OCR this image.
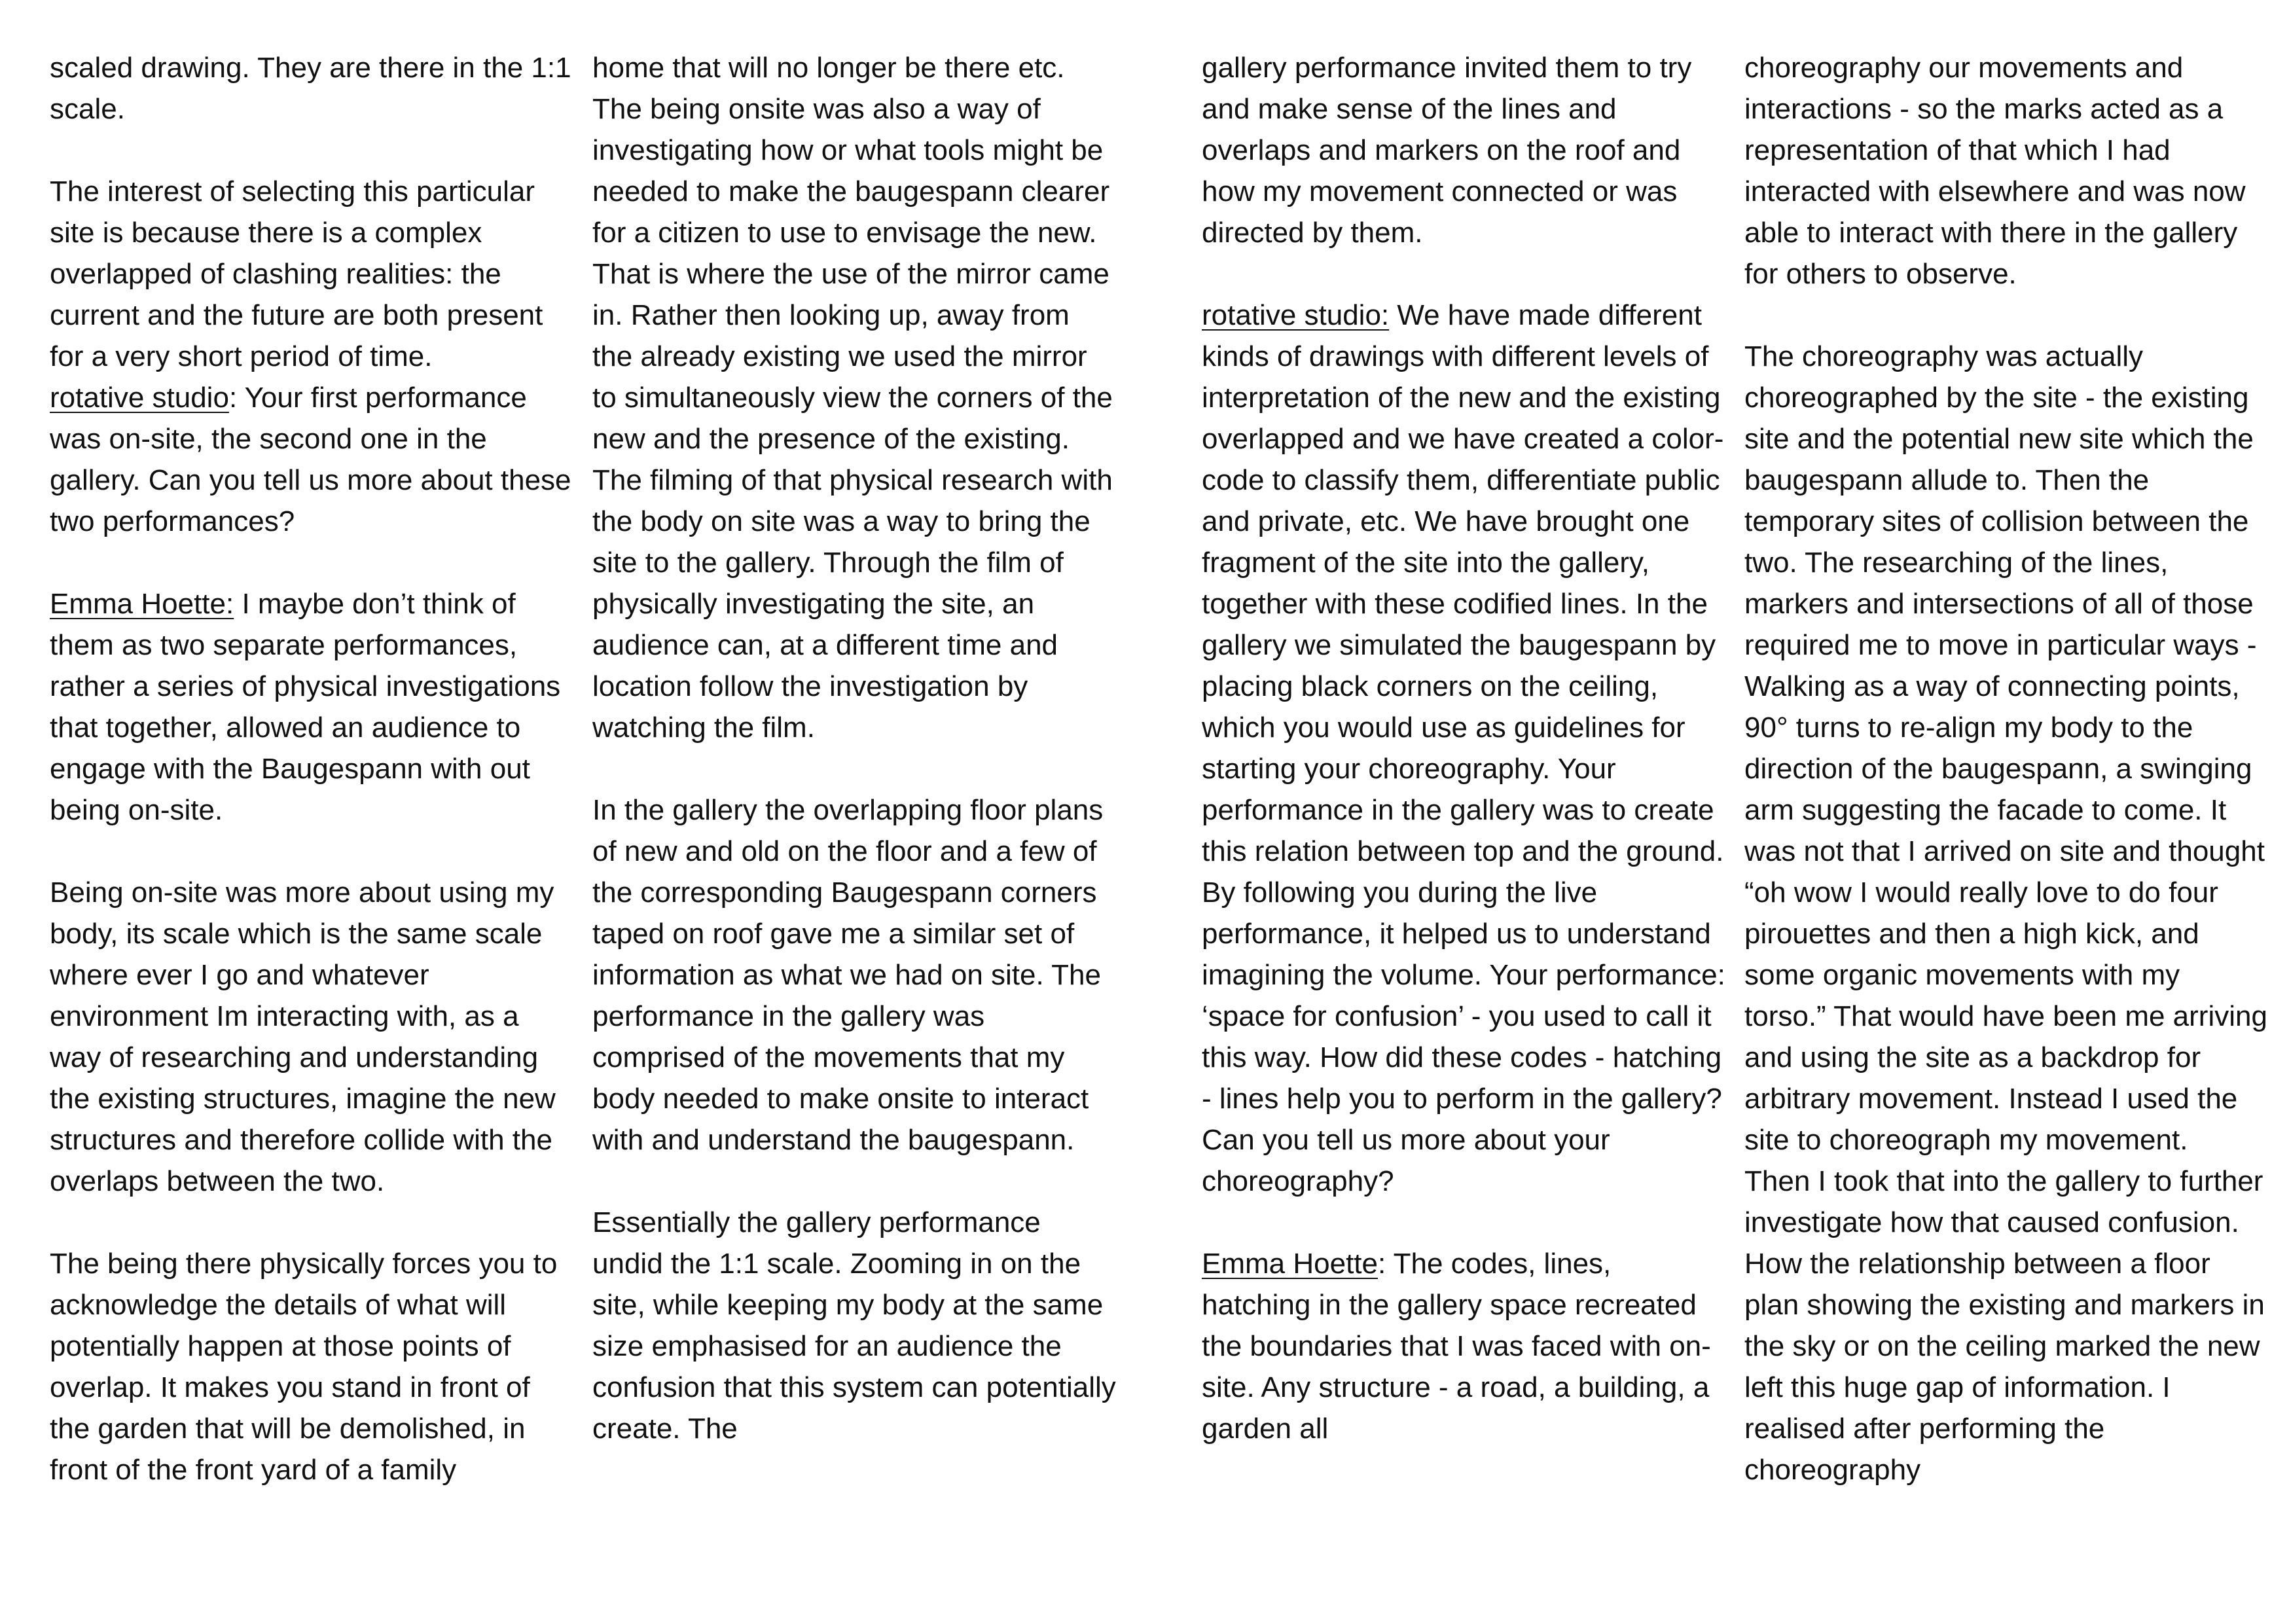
scaled drawing. They are there in the 1:1 scale.

The interest of selecting this particular site is because there is a complex overlapped of clashing realities: the current and the future are both present for a very short period of time.

rotative studio: Your first performance was on-site, the second one in the gallery. Can you tell us more about these two performances?

Emma Hoette: I maybe don’t think of them as two separate performances, rather a series of physical investigations that together, allowed an audience to engage with the Baugespann with out being on-site.

Being on-site was more about using my body, its scale which is the same scale where ever I go and whatever environment Im interacting with, as a way of researching and understanding the existing structures, imagine the new structures and therefore collide with the overlaps between the two.

The being there physically forces you to acknowledge the details of what will potentially happen at those points of overlap. It makes you stand in front of the garden that will be demolished, in front of the front yard of a family

home that will no longer be there etc. The being onsite was also a way of investigating how or what tools might be needed to make the baugespann clearer for a citizen to use to envisage the new. That is where the use of the mirror came in. Rather then looking up, away from the already existing we used the mirror to simultaneously view the corners of the new and the presence of the existing. The filming of that physical research with the body on site was a way to bring the site to the gallery. Through the film of physically investigating the site, an audience can, at a different time and location follow the investigation by watching the film.

In the gallery the overlapping floor plans of new and old on the floor and a few of the corresponding Baugespann corners taped on roof gave me a similar set of information as what we had on site. The performance in the gallery was comprised of the movements that my body needed to make onsite to interact with and understand the baugespann.

Essentially the gallery performance undid the 1:1 scale. Zooming in on the site, while keeping my body at the same size emphasised for an audience the confusion that this system can potentially create. The

gallery performance invited them to try and make sense of the lines and overlaps and markers on the roof and how my movement connected or was directed by them.

rotative studio: We have made different kinds of drawings with different levels of interpretation of the new and the existing overlapped and we have created a color-code to classify them, differentiate public and private, etc. We have brought one fragment of the site into the gallery, together with these codified lines. In the gallery we simulated the baugespann by placing black corners on the ceiling, which you would use as guidelines for starting your choreography. Your performance in the gallery was to create this relation between top and the ground.

By following you during the live performance, it helped us to understand imagining the volume. Your performance: ‘space for confusion’ - you used to call it this way. How did these codes - hatching - lines help you to perform in the gallery? Can you tell us more about your choreography?

Emma Hoette: The codes, lines, hatching in the gallery space recreated the boundaries that I was faced with on-site. Any structure - a road, a building, a garden all

choreography our movements and interactions - so the marks acted as a representation of that which I had interacted with elsewhere and was now able to interact with there in the gallery for others to observe.

The choreography was actually choreographed by the site - the existing site and the potential new site which the baugespann allude to. Then the temporary sites of collision between the two. The researching of the lines, markers and intersections of all of those required me to move in particular ways - Walking as a way of connecting points, 90° turns to re-align my body to the direction of the baugespann, a swinging arm suggesting the facade to come. It was not that I arrived on site and thought “oh wow I would really love to do four pirouettes and then a high kick, and some organic movements with my torso.” That would have been me arriving and using the site as a backdrop for arbitrary movement. Instead I used the site to choreograph my movement.

Then I took that into the gallery to further investigate how that caused confusion. How the relationship between a floor plan showing the existing and markers in the sky or on the ceiling marked the new left this huge gap of information. I realised after performing the choreography
